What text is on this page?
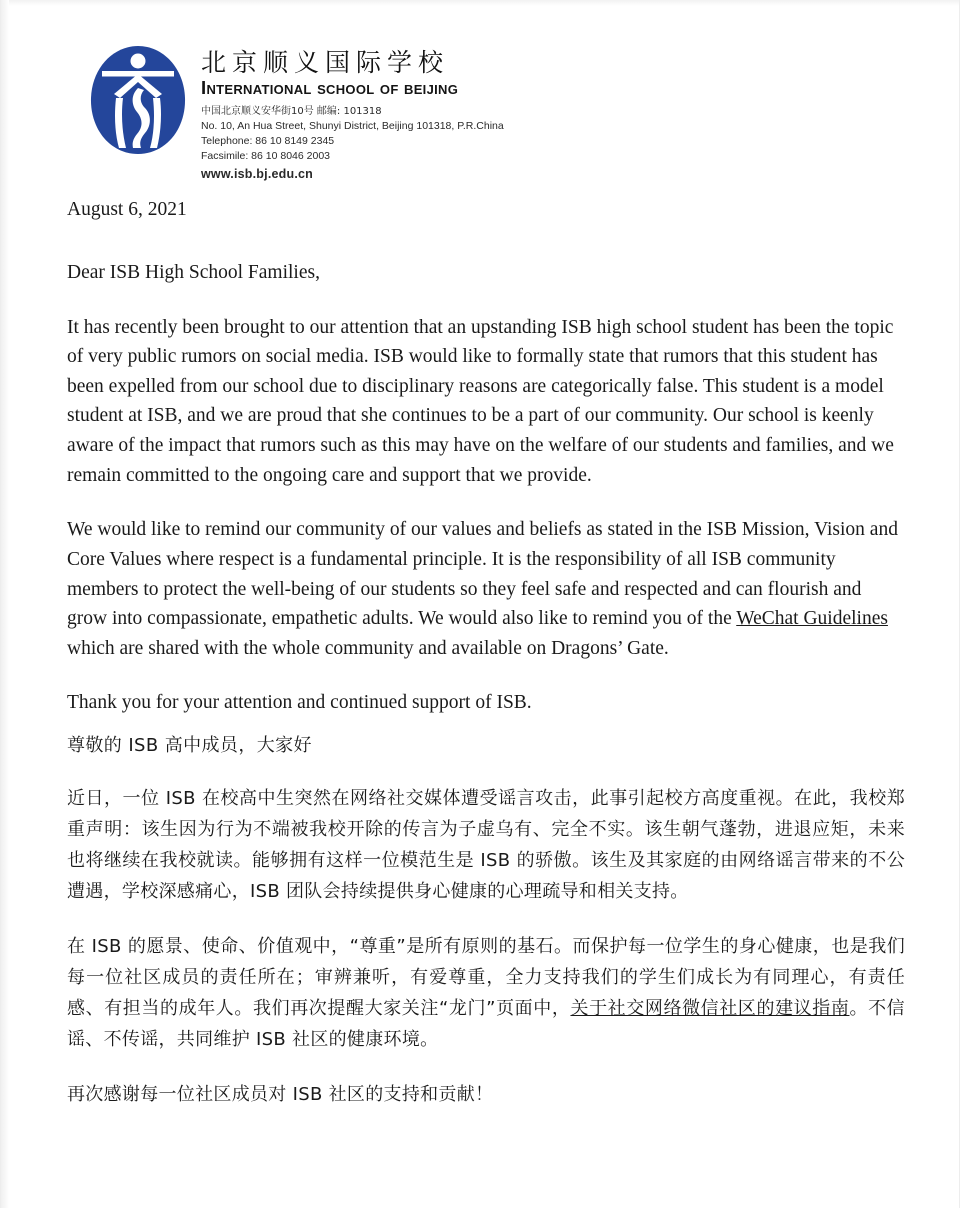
北京顺义国际学校
International school of beijing
中国北京顺义安华街10号 邮编: 101318
No. 10, An Hua Street, Shunyi District, Beijing 101318, P.R.China
Telephone: 86 10 8149 2345
Facsimile: 86 10 8046 2003
www.isb.bj.edu.cn
August 6, 2021
Dear ISB High School Families,

It has recently been brought to our attention that an upstanding ISB high school student has been the topic of very public rumors on social media. ISB would like to formally state that rumors that this student has been expelled from our school due to disciplinary reasons are categorically false. This student is a model student at ISB, and we are proud that she continues to be a part of our community. Our school is keenly aware of the impact that rumors such as this may have on the welfare of our students and families, and we remain committed to the ongoing care and support that we provide.

We would like to remind our community of our values and beliefs as stated in the ISB Mission, Vision and Core Values where respect is a fundamental principle. It is the responsibility of all ISB community members to protect the well-being of our students so they feel safe and respected and can flourish and grow into compassionate, empathetic adults. We would also like to remind you of the WeChat Guidelines which are shared with the whole community and available on Dragons’ Gate.

Thank you for your attention and continued support of ISB.

尊敬的 ISB 高中成员，大家好

近日，一位 ISB 在校高中生突然在网络社交媒体遭受谣言攻击，此事引起校方高度重视。在此，我校郑重声明：该生因为行为不端被我校开除的传言为子虚乌有、完全不实。该生朝气蓬勃，进退应矩，未来也将继续在我校就读。能够拥有这样一位模范生是 ISB 的骄傲。该生及其家庭的由网络谣言带来的不公遭遇，学校深感痛心，ISB 团队会持续提供身心健康的心理疏导和相关支持。

在 ISB 的愿景、使命、价值观中，“尊重”是所有原则的基石。而保护每一位学生的身心健康，也是我们每一位社区成员的责任所在；审辨兼听，有爱尊重，全力支持我们的学生们成长为有同理心，有责任感、有担当的成年人。我们再次提醒大家关注“龙门”页面中，关于社交网络微信社区的建议指南。不信谣、不传谣，共同维护 ISB 社区的健康环境。

再次感谢每一位社区成员对 ISB 社区的支持和贡献！
